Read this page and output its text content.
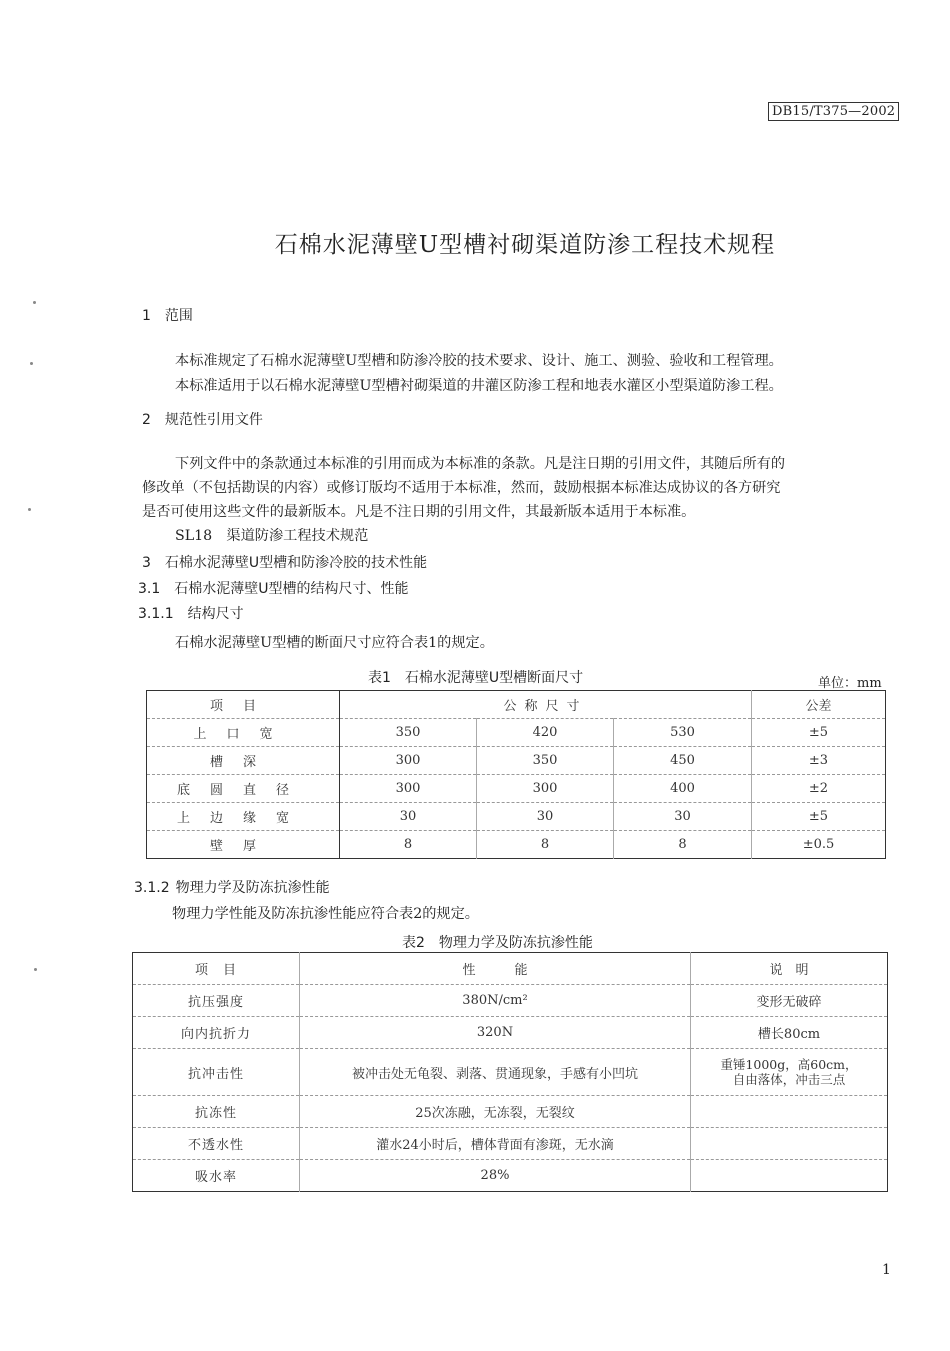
DB15/T375—2002
石棉水泥薄壁U型槽衬砌渠道防渗工程技术规程
1 范围
本标准规定了石棉水泥薄壁U型槽和防渗冷胶的技术要求、设计、施工、测验、验收和工程管理。
本标准适用于以石棉水泥薄壁U型槽衬砌渠道的井灌区防渗工程和地表水灌区小型渠道防渗工程。
2 规范性引用文件
下列文件中的条款通过本标准的引用而成为本标准的条款。凡是注日期的引用文件，其随后所有的
修改单（不包括勘误的内容）或修订版均不适用于本标准，然而，鼓励根据本标准达成协议的各方研究
是否可使用这些文件的最新版本。凡是不注日期的引用文件，其最新版本适用于本标准。
SL18　渠道防渗工程技术规范
3 石棉水泥薄壁U型槽和防渗冷胶的技术性能
3.1 石棉水泥薄壁U型槽的结构尺寸、性能
3.1.1 结构尺寸
石棉水泥薄壁U型槽的断面尺寸应符合表1的规定。
表1　石棉水泥薄壁U型槽断面尺寸	单位：mm
项目	公称尺寸			公差
上口宽	350	420	530	±5
槽深	300	350	450	±3
底圆直径	300	300	400	±2
上边缘宽	30	30	30	±5
壁厚	8	8	8	±0.5
3.1.2 物理力学及防冻抗渗性能
物理力学性能及防冻抗渗性能应符合表2的规定。
表2　物理力学及防冻抗渗性能
项　目	性　　　能	说　明
抗压强度	380N/cm²	变形无破碎
向内抗折力	320N	槽长80cm
抗冲击性	被冲击处无龟裂、剥落、贯通现象，手感有小凹坑	重锤1000g，高60cm，
自由落体，冲击三点

抗冻性	25次冻融，无冻裂，无裂纹	
不透水性	灌水24小时后，槽体背面有渗斑，无水滴	
吸水率	28%	
1
